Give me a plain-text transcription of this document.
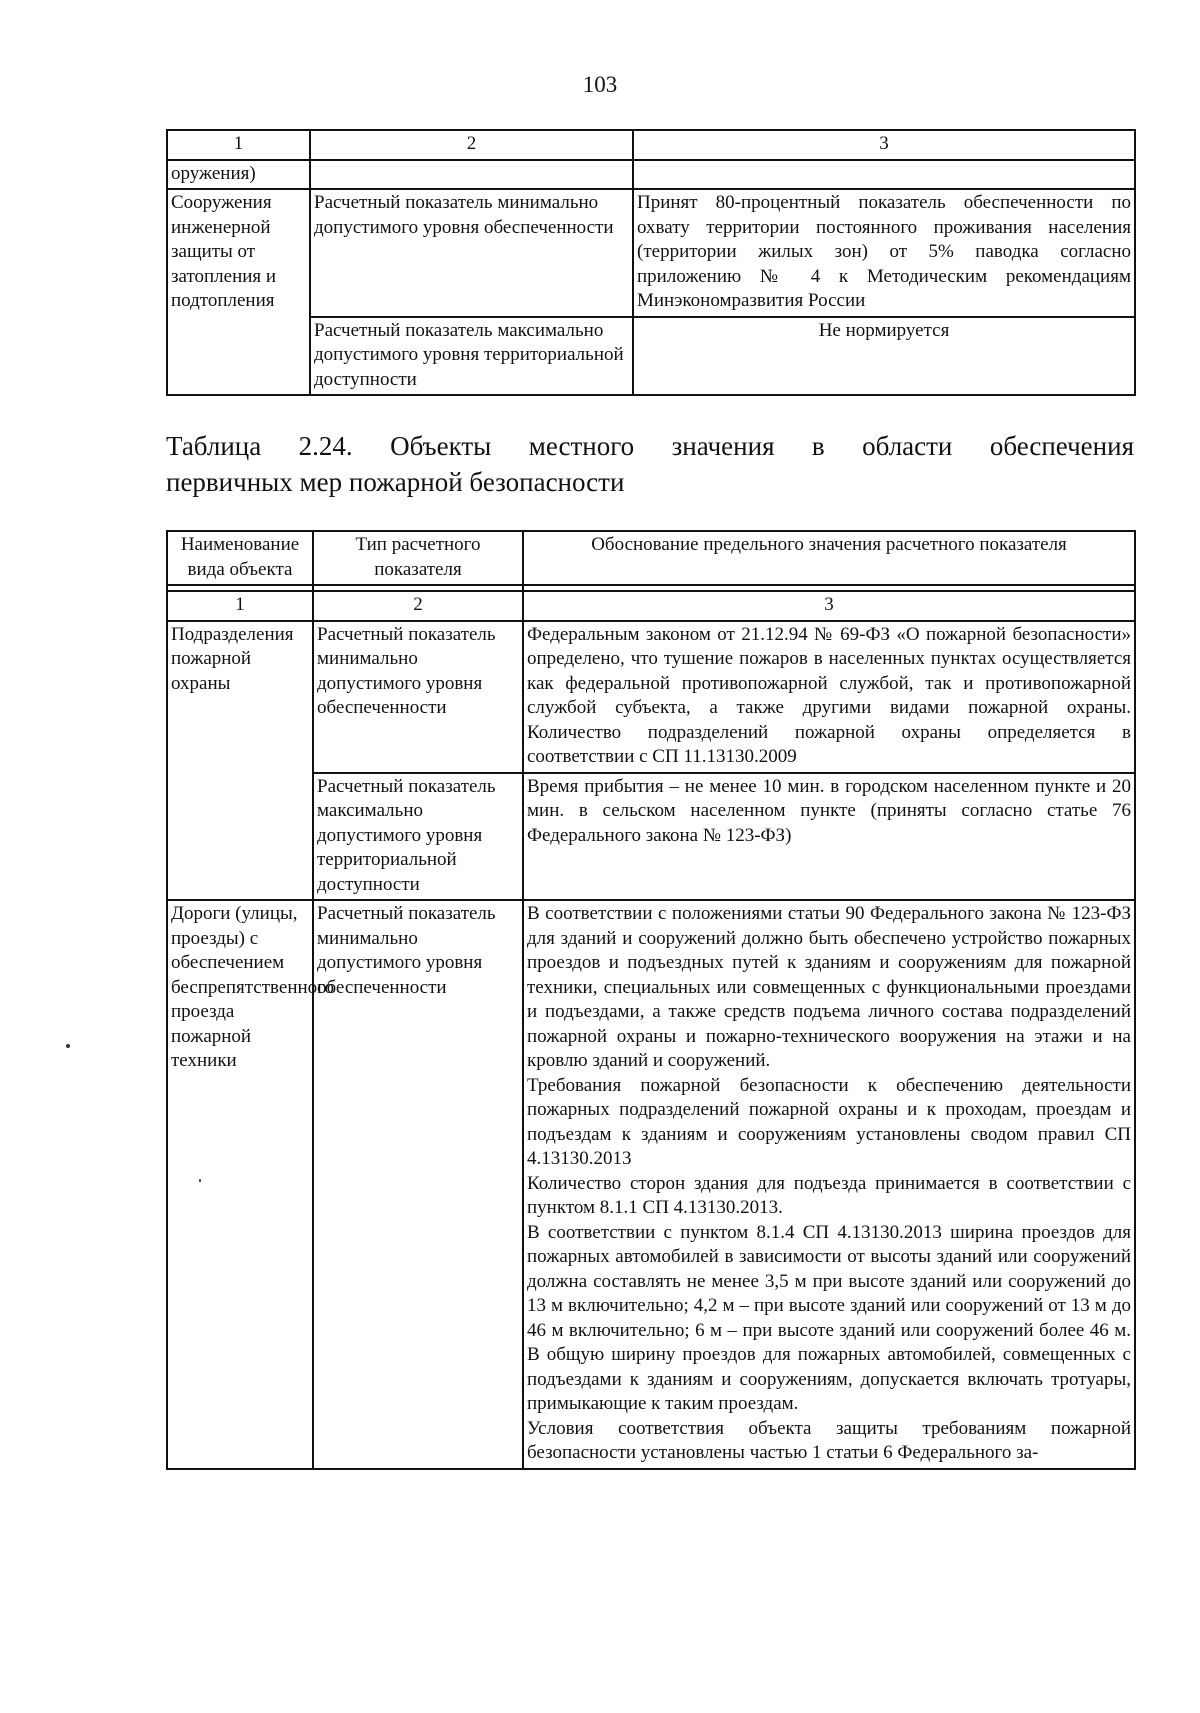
103
1	2	3
оружения)		
Сооружения инженерной защиты от затопления и подтопления	Расчетный показатель минимально допустимого уровня обеспеченности	Принят 80-процентный показатель обеспеченности по охвату территории постоянного проживания населения (территории жилых зон) от 5% паводка согласно приложению № 4 к Методическим рекомендациям Минэкономразвития России
	Расчетный показатель максимально допустимого уровня территориальной доступности	Не нормируется
Таблица 2.24. Объекты местного значения в области обеспечения
первичных мер пожарной безопасности
Наименование вида объекта	Тип расчетного показателя	Обоснование предельного значения расчетного показателя

1	2	3
Подразделения пожарной охраны	Расчетный показатель минимально допустимого уровня обеспеченности	Федеральным законом от 21.12.94 № 69-ФЗ «О пожарной безопасности» определено, что тушение пожаров в населенных пунктах осуществляется как федеральной противопожарной службой, так и противопожарной службой субъекта, а также другими видами пожарной охраны. Количество подразделений пожарной охраны определяется в соответствии с СП 11.13130.2009
	Расчетный показатель максимально допустимого уровня территориальной доступности	Время прибытия – не менее 10 мин. в городском населенном пункте и 20 мин. в сельском населенном пункте (приняты согласно статье 76 Федерального закона № 123-ФЗ)
Дороги (улицы, проезды) с обеспечением беспрепятственного проезда пожарной техники	Расчетный показатель минимально допустимого уровня обеспеченности	В соответствии с положениями статьи 90 Федерального закона № 123-ФЗ для зданий и сооружений должно быть обеспечено устройство пожарных проездов и подъездных путей к зданиям и сооружениям для пожарной техники, специальных или совмещенных с функциональными проездами и подъездами, а также средств подъема личного состава подразделений пожарной охраны и пожарно-технического вооружения на этажи и на кровлю зданий и сооружений.
Требования пожарной безопасности к обеспечению деятельности пожарных подразделений пожарной охраны и к проходам, проездам и подъездам к зданиям и сооружениям установлены сводом правил СП 4.13130.2013
Количество сторон здания для подъезда принимается в соответствии с пунктом 8.1.1 СП 4.13130.2013.
В соответствии с пунктом 8.1.4 СП 4.13130.2013 ширина проездов для пожарных автомобилей в зависимости от высоты зданий или сооружений должна составлять не менее 3,5 м при высоте зданий или сооружений до 13 м включительно; 4,2 м – при высоте зданий или сооружений от 13 м до 46 м включительно; 6 м – при высоте зданий или сооружений более 46 м. В общую ширину проездов для пожарных автомобилей, совмещенных с подъездами к зданиям и сооружениям, допускается включать тротуары, примыкающие к таким проездам.
Условия соответствия объекта защиты требованиям пожарной безопасности установлены частью 1 статьи 6 Федерального за-
